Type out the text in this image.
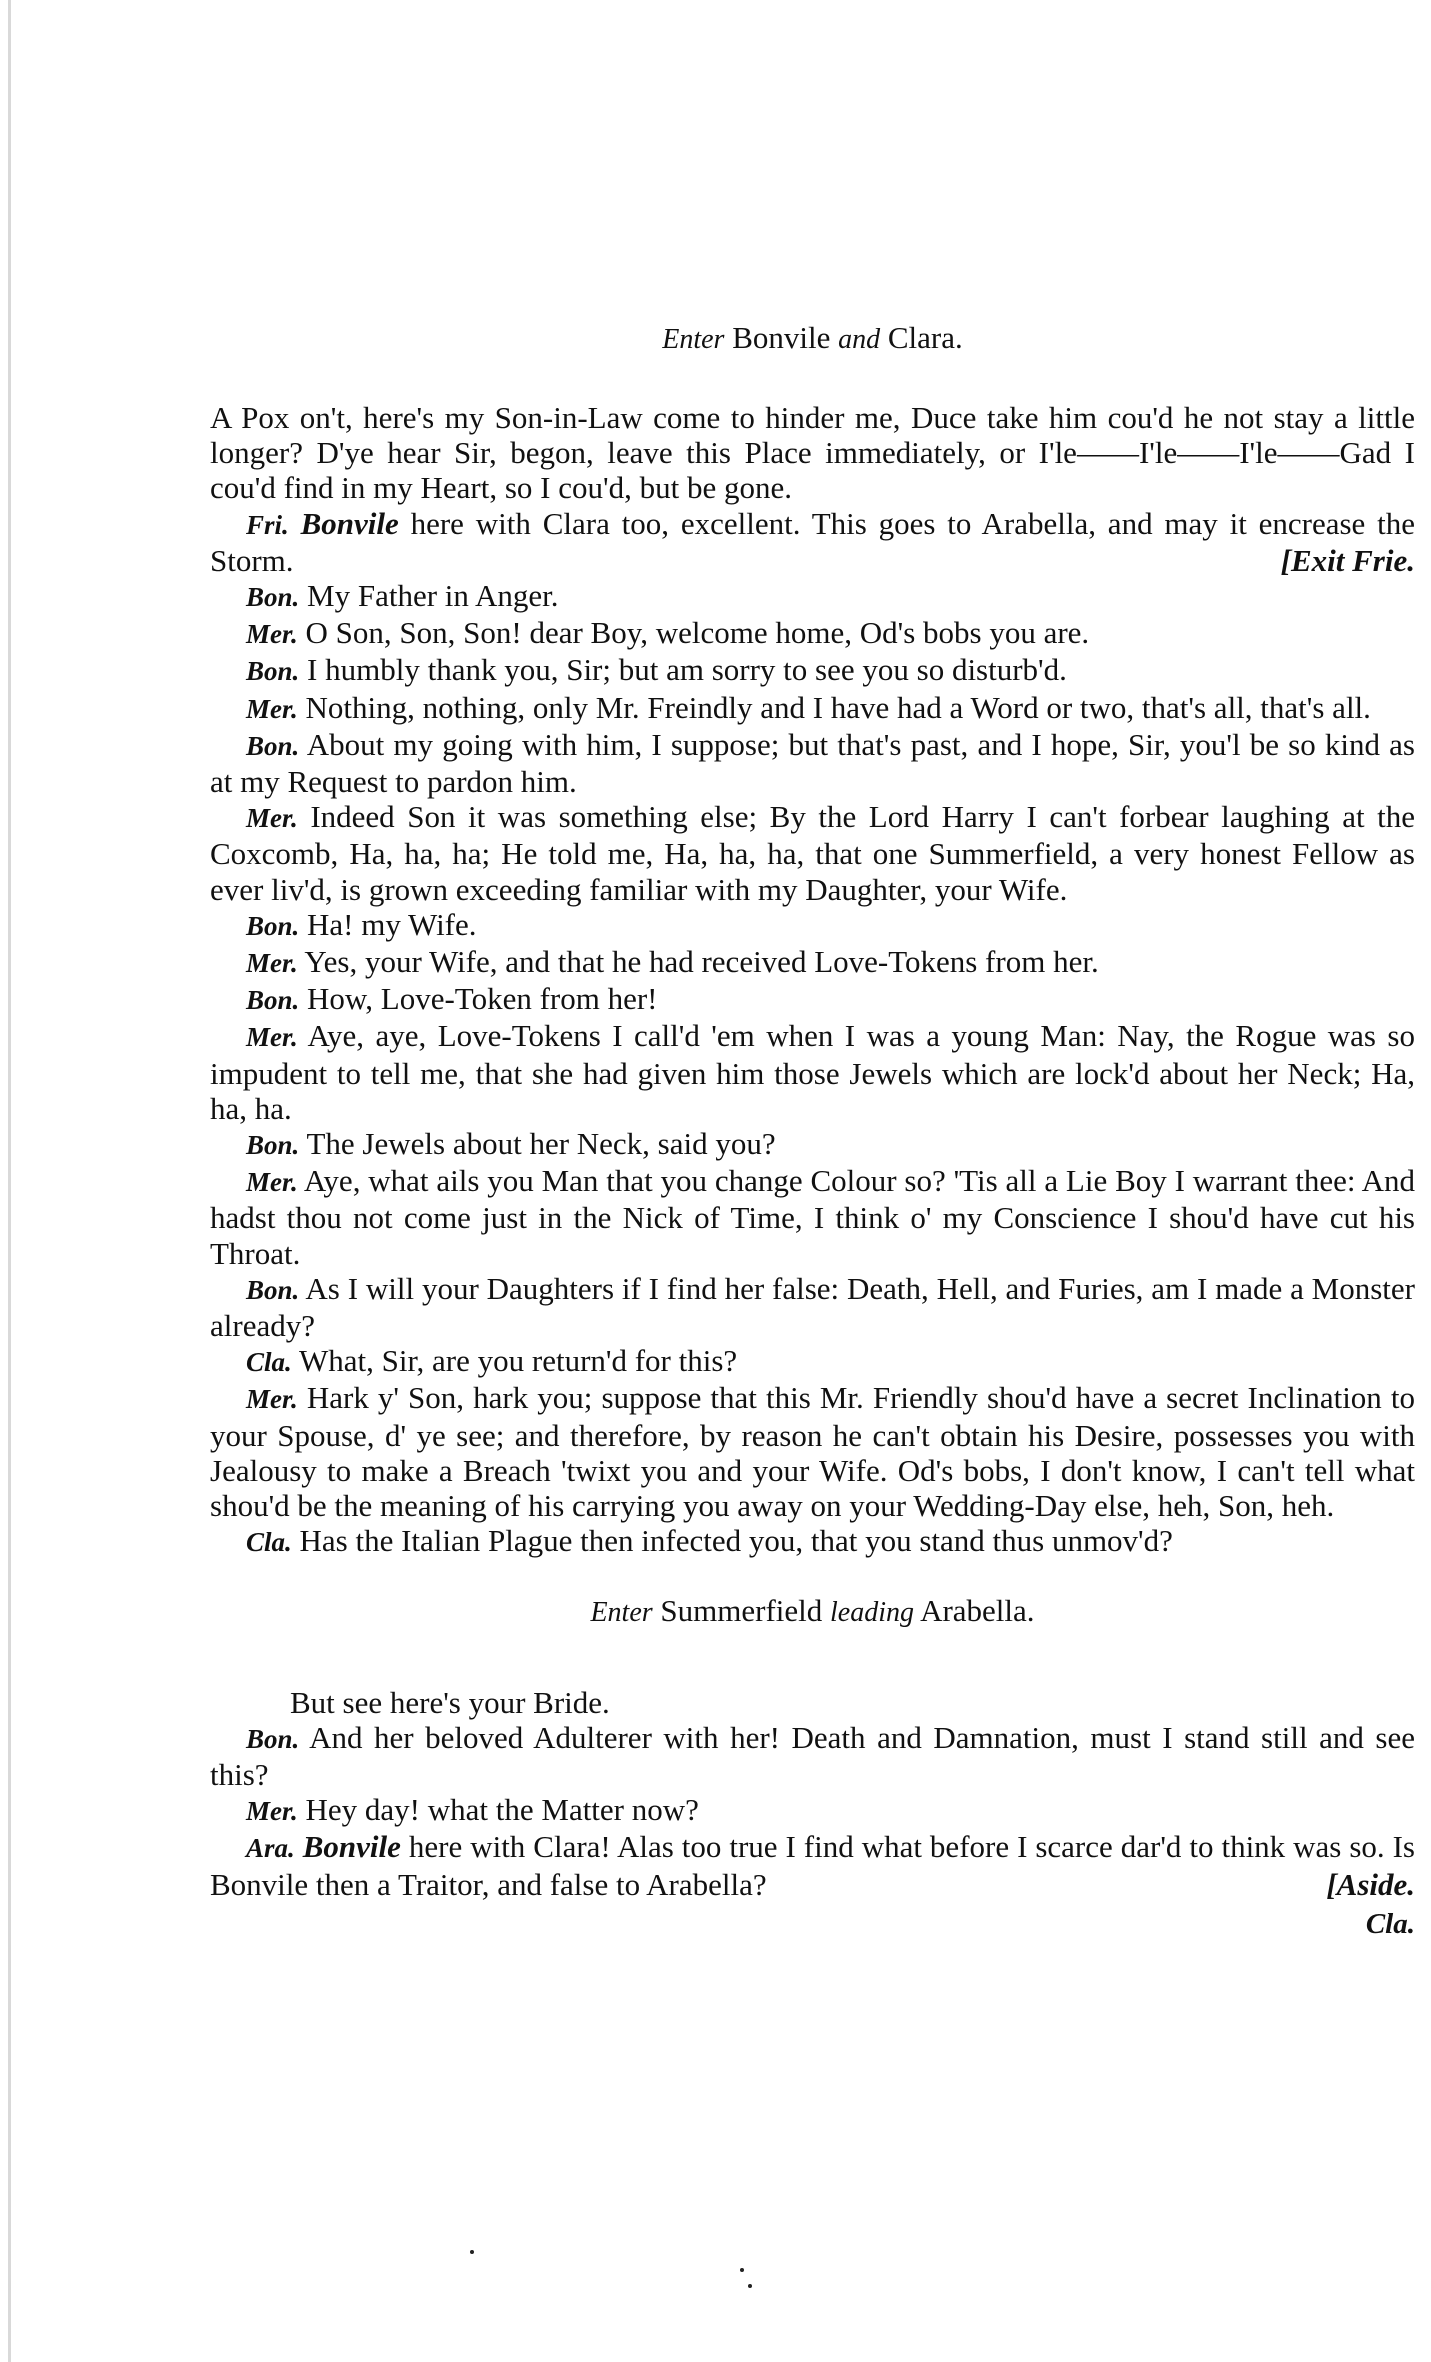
Enter Bonvile and Clara.
A Pox on't, here's my Son-in-Law come to hinder me, Duce take him cou'd he not stay a little longer? D'ye hear Sir, begon, leave this Place immediately, or I'le——I'le——I'le——Gad I cou'd find in my Heart, so I cou'd, but be gone.
Fri. Bonvile here with Clara too, excellent. This goes to Arabella, and may it encrease the Storm.	[Exit Frie.
Bon. My Father in Anger.
Mer. O Son, Son, Son! dear Boy, welcome home, Od's bobs you are.
Bon. I humbly thank you, Sir; but am sorry to see you so disturb'd.
Mer. Nothing, nothing, only Mr. Freindly and I have had a Word or two, that's all, that's all.
Bon. About my going with him, I suppose; but that's past, and I hope, Sir, you'l be so kind as at my Request to pardon him.
Mer. Indeed Son it was something else; By the Lord Harry I can't forbear laughing at the Coxcomb, Ha, ha, ha; He told me, Ha, ha, ha, that one Summerfield, a very honest Fellow as ever liv'd, is grown exceeding familiar with my Daughter, your Wife.
Bon. Ha! my Wife.
Mer. Yes, your Wife, and that he had received Love-Tokens from her.
Bon. How, Love-Token from her!
Mer. Aye, aye, Love-Tokens I call'd 'em when I was a young Man: Nay, the Rogue was so impudent to tell me, that she had given him those Jewels which are lock'd about her Neck; Ha, ha, ha.
Bon. The Jewels about her Neck, said you?
Mer. Aye, what ails you Man that you change Colour so? 'Tis all a Lie Boy I warrant thee: And hadst thou not come just in the Nick of Time, I think o' my Conscience I shou'd have cut his Throat.
Bon. As I will your Daughters if I find her false: Death, Hell, and Furies, am I made a Monster already?
Cla. What, Sir, are you return'd for this?
Mer. Hark y' Son, hark you; suppose that this Mr. Friendly shou'd have a secret Inclination to your Spouse, d' ye see; and therefore, by reason he can't obtain his Desire, possesses you with Jealousy to make a Breach 'twixt you and your Wife. Od's bobs, I don't know, I can't tell what shou'd be the meaning of his carrying you away on your Wedding-Day else, heh, Son, heh.
Cla. Has the Italian Plague then infected you, that you stand thus unmov'd?
Enter Summerfield leading Arabella.
But see here's your Bride.
Bon. And her beloved Adulterer with her! Death and Damnation, must I stand still and see this?
Mer. Hey day! what the Matter now?
Ara. Bonvile here with Clara! Alas too true I find what before I scarce dar'd to think was so. Is Bonvile then a Traitor, and false to Arabella?	[Aside.
Cla.
